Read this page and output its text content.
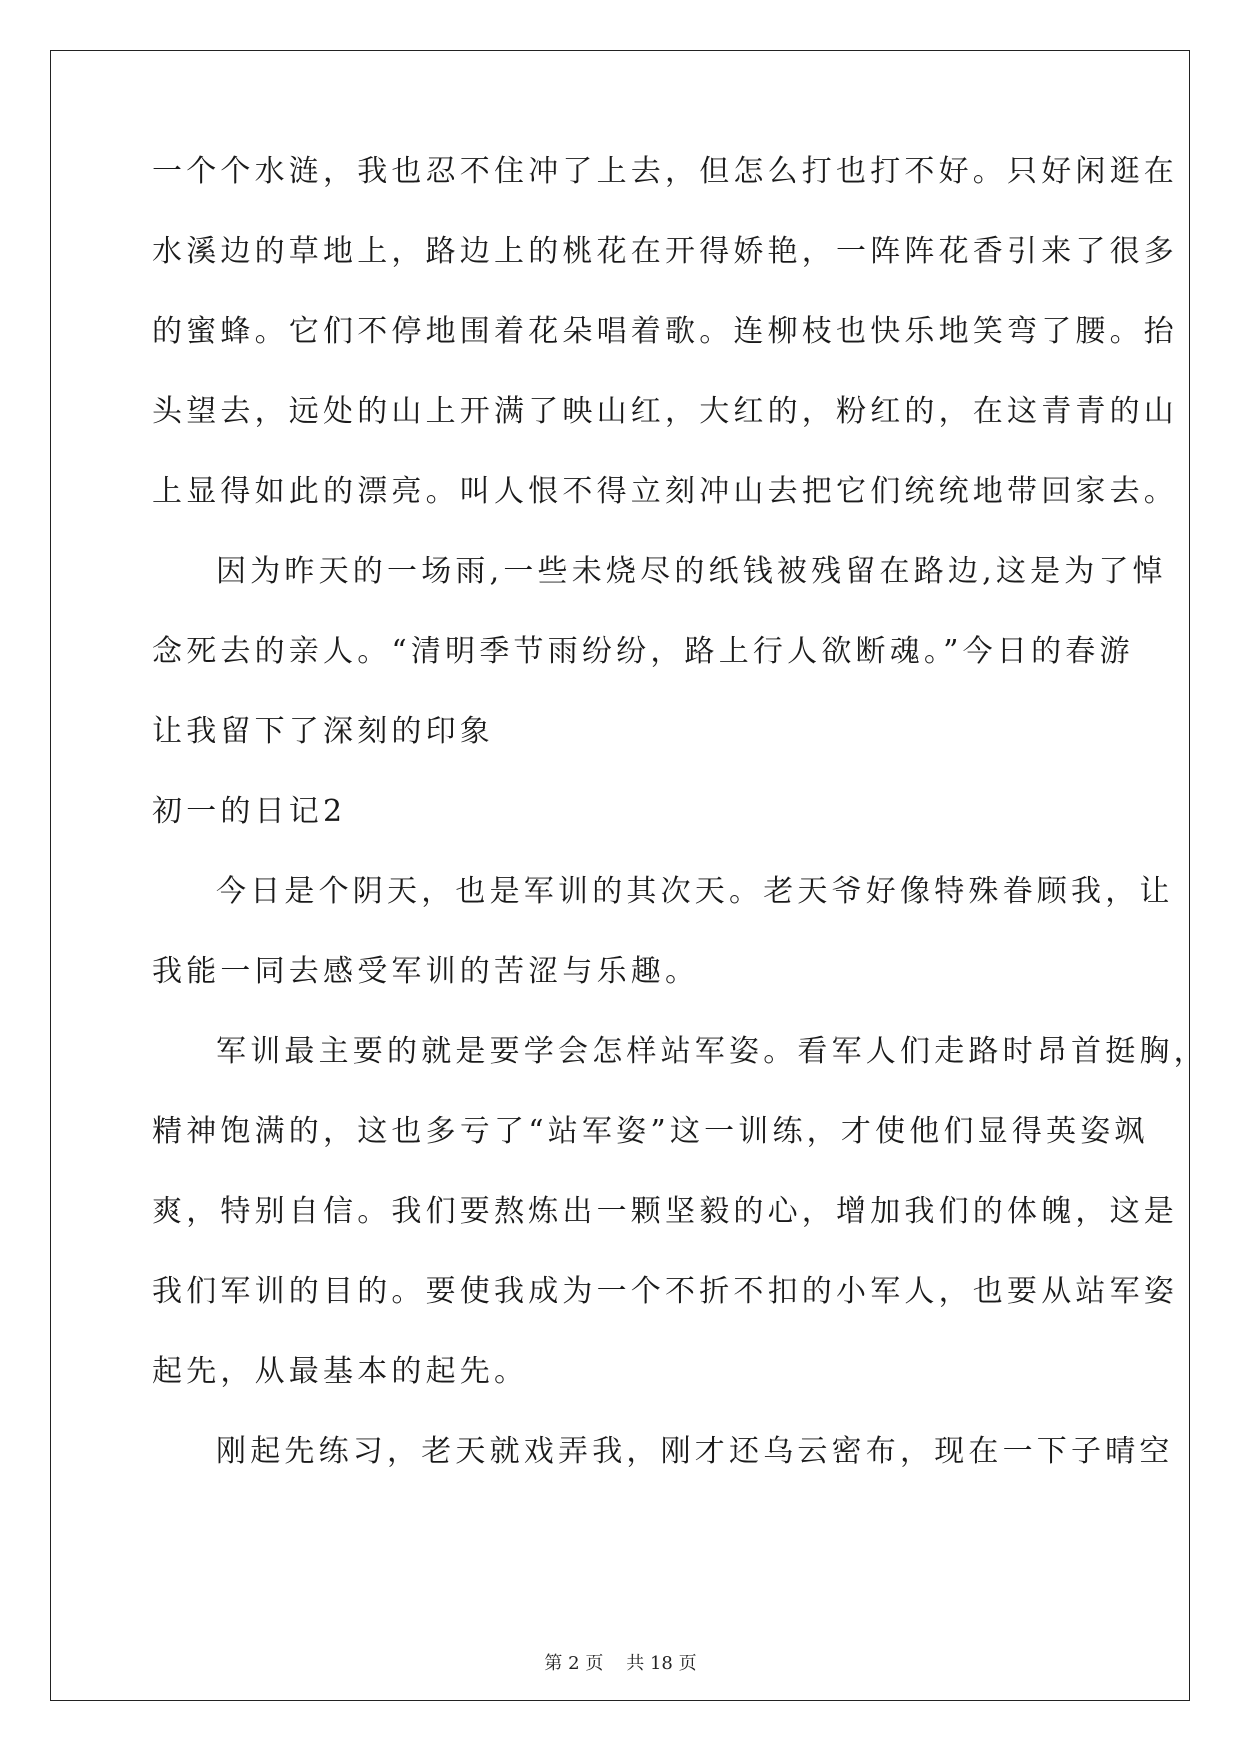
一个个水涟，我也忍不住冲了上去，但怎么打也打不好。只好闲逛在
水溪边的草地上，路边上的桃花在开得娇艳，一阵阵花香引来了很多
的蜜蜂。它们不停地围着花朵唱着歌。连柳枝也快乐地笑弯了腰。抬
头望去，远处的山上开满了映山红，大红的，粉红的，在这青青的山
上显得如此的漂亮。叫人恨不得立刻冲山去把它们统统地带回家去。
因为昨天的一场雨,一些未烧尽的纸钱被残留在路边,这是为了悼
念死去的亲人。“清明季节雨纷纷，路上行人欲断魂。”今日的春游
让我留下了深刻的印象
初一的日记2
今日是个阴天，也是军训的其次天。老天爷好像特殊眷顾我，让
我能一同去感受军训的苦涩与乐趣。
军训最主要的就是要学会怎样站军姿。看军人们走路时昂首挺胸，
精神饱满的，这也多亏了“站军姿”这一训练，才使他们显得英姿飒
爽，特别自信。我们要熬炼出一颗坚毅的心，增加我们的体魄，这是
我们军训的目的。要使我成为一个不折不扣的小军人，也要从站军姿
起先，从最基本的起先。
刚起先练习，老天就戏弄我，刚才还乌云密布，现在一下子晴空
第 2 页 共 18 页
